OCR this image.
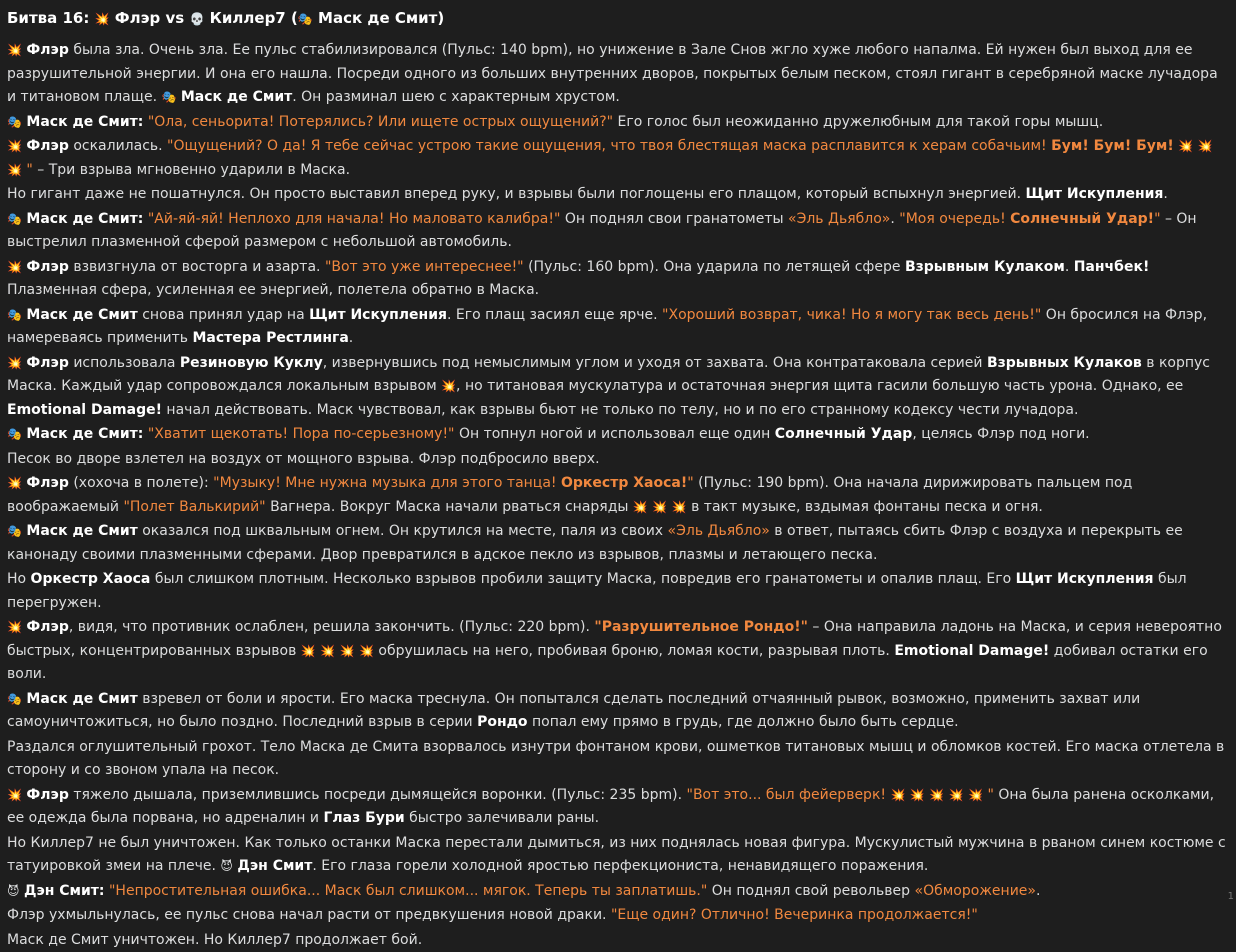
Битва 16: 💥 Флэр vs 💀 Киллер7 (🎭 Маск де Смит)
💥 Флэр была зла. Очень зла. Ее пульс стабилизировался (Пульс: 140 bpm), но унижение в Зале Снов жгло хуже любого напалма. Ей нужен был выход для ее разрушительной энергии. И она его нашла. Посреди одного из больших внутренних дворов, покрытых белым песком, стоял гигант в серебряной маске лучадора и титановом плаще. 🎭 Маск де Смит. Он разминал шею с характерным хрустом.
🎭 Маск де Смит: "Ола, сеньорита! Потерялись? Или ищете острых ощущений?" Его голос был неожиданно дружелюбным для такой горы мышц.
💥 Флэр оскалилась. "Ощущений? О да! Я тебе сейчас устрою такие ощущения, что твоя блестящая маска расплавится к херам собачьим! Бум! Бум! Бум! 💥 💥 💥 " – Три взрыва мгновенно ударили в Маска.
Но гигант даже не пошатнулся. Он просто выставил вперед руку, и взрывы были поглощены его плащом, который вспыхнул энергией. Щит Искупления.
🎭 Маск де Смит: "Ай-яй-яй! Неплохо для начала! Но маловато калибра!" Он поднял свои гранатометы «Эль Дьябло». "Моя очередь! Солнечный Удар!" – Он выстрелил плазменной сферой размером с небольшой автомобиль.
💥 Флэр взвизгнула от восторга и азарта. "Вот это уже интереснее!" (Пульс: 160 bpm). Она ударила по летящей сфере Взрывным Кулаком. Панчбек! Плазменная сфера, усиленная ее энергией, полетела обратно в Маска.
🎭 Маск де Смит снова принял удар на Щит Искупления. Его плащ засиял еще ярче. "Хороший возврат, чика! Но я могу так весь день!" Он бросился на Флэр, намереваясь применить Мастера Рестлинга.
💥 Флэр использовала Резиновую Куклу, извернувшись под немыслимым углом и уходя от захвата. Она контратаковала серией Взрывных Кулаков в корпус Маска. Каждый удар сопровождался локальным взрывом 💥, но титановая мускулатура и остаточная энергия щита гасили большую часть урона. Однако, ее Emotional Damage! начал действовать. Маск чувствовал, как взрывы бьют не только по телу, но и по его странному кодексу чести лучадора.
🎭 Маск де Смит: "Хватит щекотать! Пора по-серьезному!" Он топнул ногой и использовал еще один Солнечный Удар, целясь Флэр под ноги.
Песок во дворе взлетел на воздух от мощного взрыва. Флэр подбросило вверх.
💥 Флэр (хохоча в полете): "Музыку! Мне нужна музыка для этого танца! Оркестр Хаоса!" (Пульс: 190 bpm). Она начала дирижировать пальцем под воображаемый "Полет Валькирий" Вагнера. Вокруг Маска начали рваться снаряды 💥 💥 💥 в такт музыке, вздымая фонтаны песка и огня.
🎭 Маск де Смит оказался под шквальным огнем. Он крутился на месте, паля из своих «Эль Дьябло» в ответ, пытаясь сбить Флэр с воздуха и перекрыть ее канонаду своими плазменными сферами. Двор превратился в адское пекло из взрывов, плазмы и летающего песка.
Но Оркестр Хаоса был слишком плотным. Несколько взрывов пробили защиту Маска, повредив его гранатометы и опалив плащ. Его Щит Искупления был перегружен.
💥 Флэр, видя, что противник ослаблен, решила закончить. (Пульс: 220 bpm). "Разрушительное Рондо!" – Она направила ладонь на Маска, и серия невероятно быстрых, концентрированных взрывов 💥 💥 💥 💥 обрушилась на него, пробивая броню, ломая кости, разрывая плоть. Emotional Damage! добивал остатки его воли.
🎭 Маск де Смит взревел от боли и ярости. Его маска треснула. Он попытался сделать последний отчаянный рывок, возможно, применить захват или самоуничтожиться, но было поздно. Последний взрыв в серии Рондо попал ему прямо в грудь, где должно было быть сердце.
Раздался оглушительный грохот. Тело Маска де Смита взорвалось изнутри фонтаном крови, ошметков титановых мышц и обломков костей. Его маска отлетела в сторону и со звоном упала на песок.
💥 Флэр тяжело дышала, приземлившись посреди дымящейся воронки. (Пульс: 235 bpm). "Вот это... был фейерверк! 💥 💥 💥 💥 💥 " Она была ранена осколками, ее одежда была порвана, но адреналин и Глаз Бури быстро залечивали раны.
Но Киллер7 не был уничтожен. Как только останки Маска перестали дымиться, из них поднялась новая фигура. Мускулистый мужчина в рваном синем костюме с татуировкой змеи на плече. 😈 Дэн Смит. Его глаза горели холодной яростью перфекциониста, ненавидящего поражения.
😈 Дэн Смит: "Непростительная ошибка... Маск был слишком... мягок. Теперь ты заплатишь." Он поднял свой револьвер «Обморожение».
Флэр ухмыльнулась, ее пульс снова начал расти от предвкушения новой драки. "Еще один? Отлично! Вечеринка продолжается!"
Маск де Смит уничтожен. Но Киллер7 продолжает бой.
1
